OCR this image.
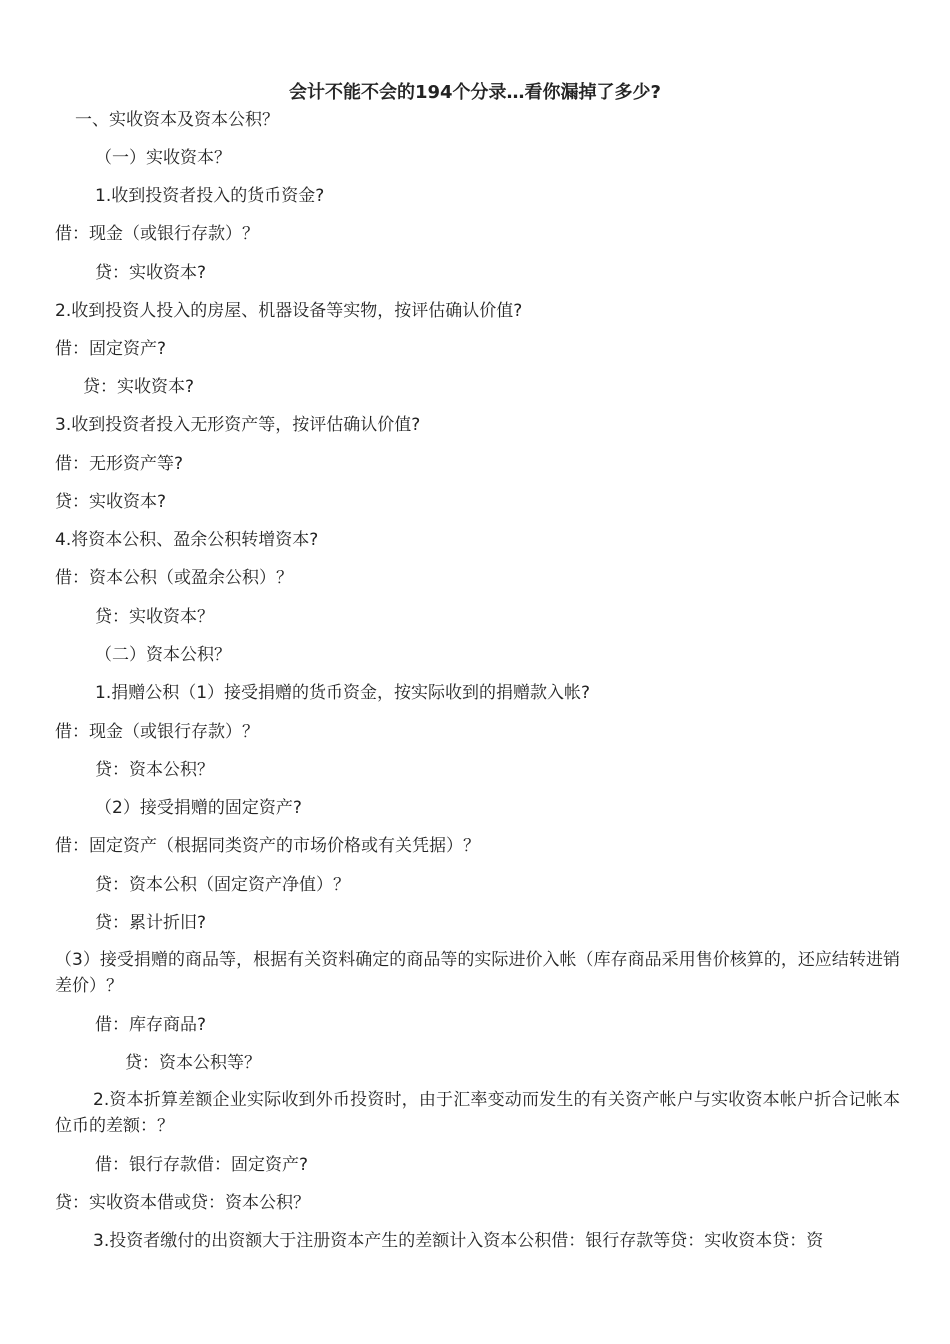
会计不能不会的194个分录…看你漏掉了多少?
一、实收资本及资本公积？
（一）实收资本？
1.收到投资者投入的货币资金?
借：现金（或银行存款）？
贷：实收资本?
2.收到投资人投入的房屋、机器设备等实物，按评估确认价值?
借：固定资产?
贷：实收资本?
3.收到投资者投入无形资产等，按评估确认价值?
借：无形资产等?
贷：实收资本?
4.将资本公积、盈余公积转增资本?
借：资本公积（或盈余公积）？
贷：实收资本？
（二）资本公积？
1.捐赠公积（1）接受捐赠的货币资金，按实际收到的捐赠款入帐?
借：现金（或银行存款）？
贷：资本公积？
（2）接受捐赠的固定资产?
借：固定资产（根据同类资产的市场价格或有关凭据）？
贷：资本公积（固定资产净值）？
贷：累计折旧?
（3）接受捐赠的商品等，根据有关资料确定的商品等的实际进价入帐（库存商品采用售价核算的，还应结转进销差价）？
借：库存商品?
贷：资本公积等？
2.资本折算差额企业实际收到外币投资时，由于汇率变动而发生的有关资产帐户与实收资本帐户折合记帐本位币的差额：？
借：银行存款借：固定资产?
贷：实收资本借或贷：资本公积？
3.投资者缴付的出资额大于注册资本产生的差额计入资本公积借：银行存款等贷：实收资本贷：资
